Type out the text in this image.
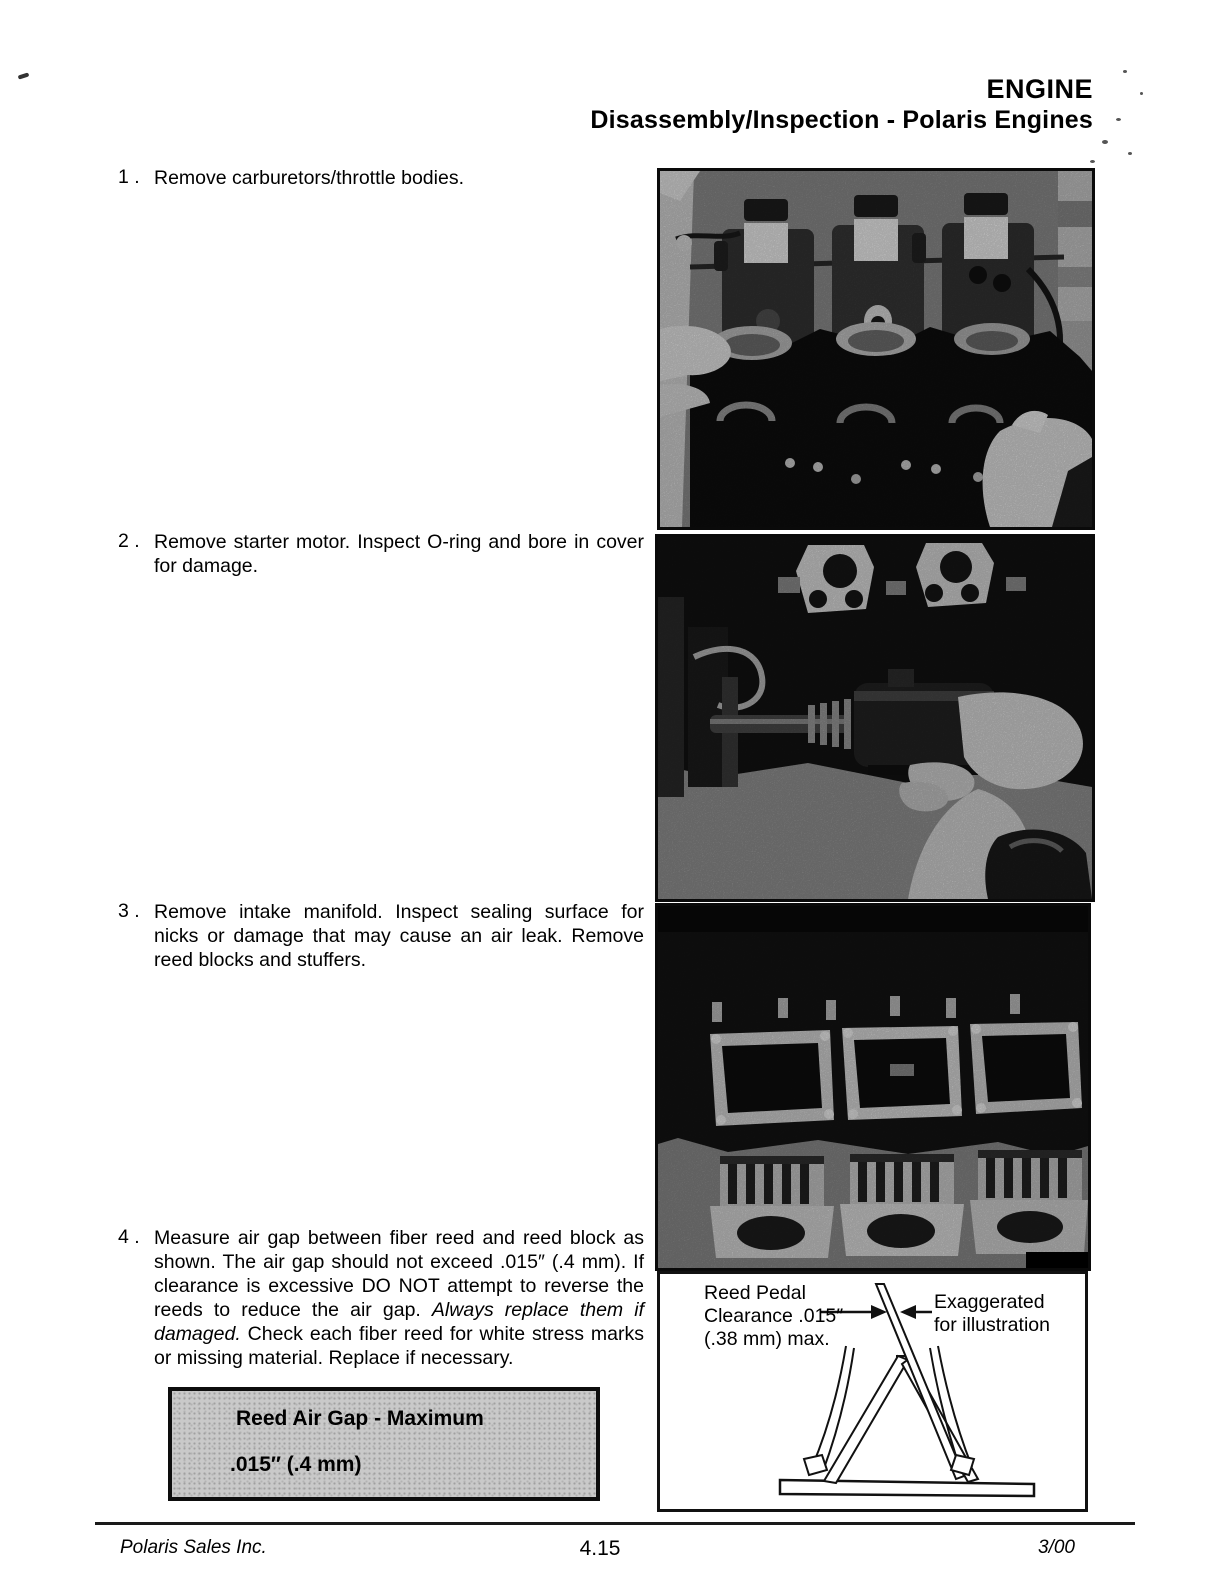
ENGINE
Disassembly/Inspection - Polaris Engines
1 . Remove carburetors/throttle bodies.
2 . Remove starter motor. Inspect O-ring and bore in cover for damage.
3 . Remove intake manifold. Inspect sealing surface for nicks or damage that may cause an air leak. Remove reed blocks and stuffers.
4 . Measure air gap between fiber reed and reed block as shown. The air gap should not exceed .015″ (.4 mm). If clearance is excessive DO NOT attempt to reverse the reeds to reduce the air gap. Always replace them if damaged. Check each fiber reed for white stress marks or missing material. Replace if necessary.
Reed Air Gap - Maximum
.015″ (.4 mm)
Reed Pedal
Clearance .015″
(.38 mm) max.
Exaggerated
for illustration
Polaris Sales Inc.	4.15	3/00
